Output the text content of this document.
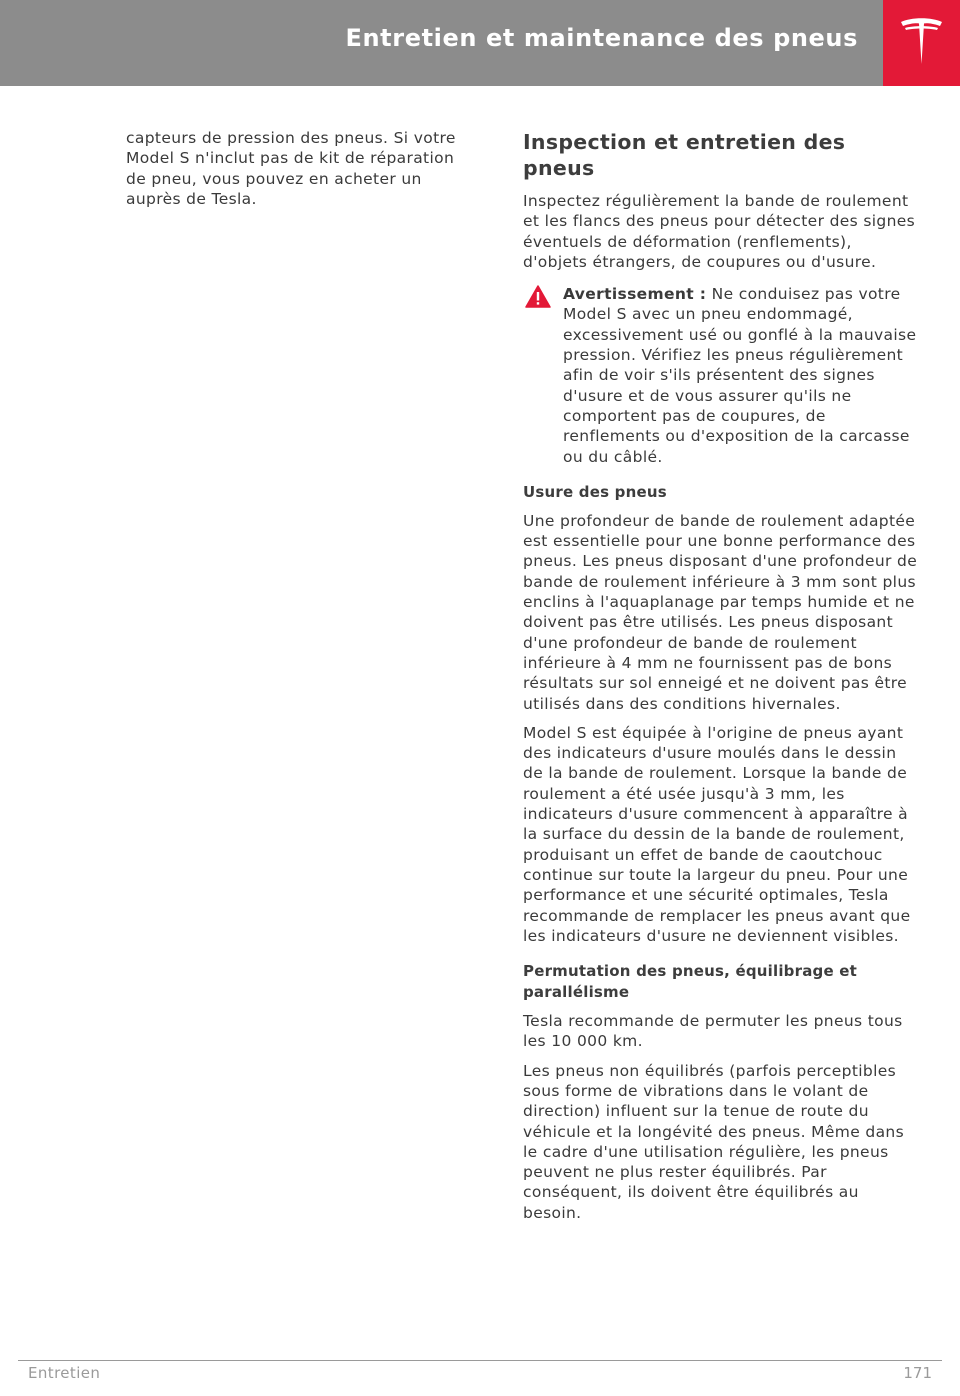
Entretien et maintenance des pneus

capteurs de pression des pneus. Si votre Model S n'inclut pas de kit de réparation de pneu, vous pouvez en acheter un auprès de Tesla.

Inspection et entretien des pneus

Inspectez régulièrement la bande de roulement et les flancs des pneus pour détecter des signes éventuels de déformation (renflements), d'objets étrangers, de coupures ou d'usure.

Avertissement : Ne conduisez pas votre Model S avec un pneu endommagé, excessivement usé ou gonflé à la mauvaise pression. Vérifiez les pneus régulièrement afin de voir s'ils présentent des signes d'usure et de vous assurer qu'ils ne comportent pas de coupures, de renflements ou d'exposition de la carcasse ou du câblé.

Usure des pneus

Une profondeur de bande de roulement adaptée est essentielle pour une bonne performance des pneus. Les pneus disposant d'une profondeur de bande de roulement inférieure à 3 mm sont plus enclins à l'aquaplanage par temps humide et ne doivent pas être utilisés. Les pneus disposant d'une profondeur de bande de roulement inférieure à 4 mm ne fournissent pas de bons résultats sur sol enneigé et ne doivent pas être utilisés dans des conditions hivernales.

Model S est équipée à l'origine de pneus ayant des indicateurs d'usure moulés dans le dessin de la bande de roulement. Lorsque la bande de roulement a été usée jusqu'à 3 mm, les indicateurs d'usure commencent à apparaître à la surface du dessin de la bande de roulement, produisant un effet de bande de caoutchouc continue sur toute la largeur du pneu. Pour une performance et une sécurité optimales, Tesla recommande de remplacer les pneus avant que les indicateurs d'usure ne deviennent visibles.

Permutation des pneus, équilibrage et parallélisme

Tesla recommande de permuter les pneus tous les 10 000 km.

Les pneus non équilibrés (parfois perceptibles sous forme de vibrations dans le volant de direction) influent sur la tenue de route du véhicule et la longévité des pneus. Même dans le cadre d'une utilisation régulière, les pneus peuvent ne plus rester équilibrés. Par conséquent, ils doivent être équilibrés au besoin.

Entretien	171
